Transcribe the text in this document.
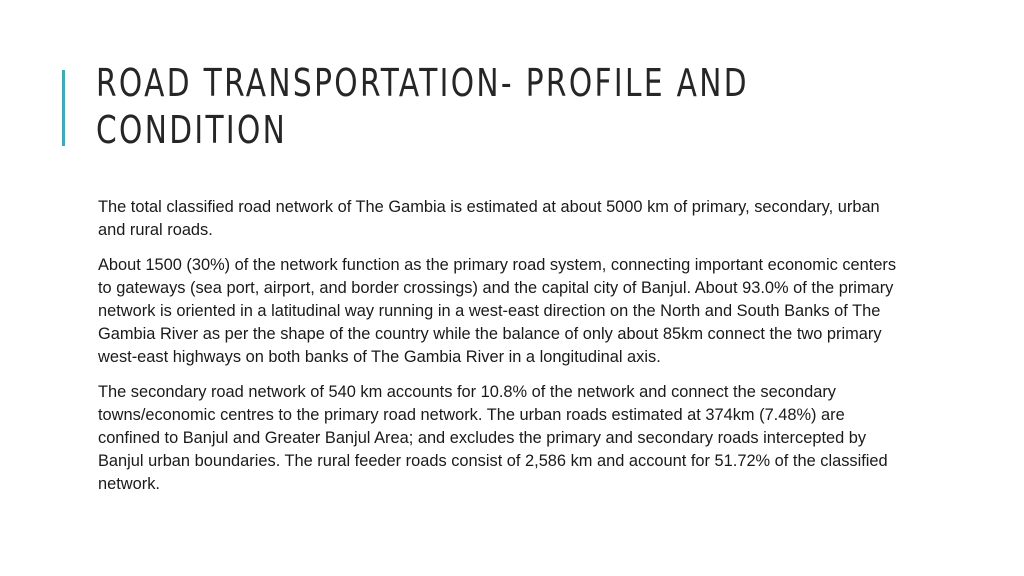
ROAD TRANSPORTATION- PROFILE AND
CONDITION

The total classified road network of The Gambia is estimated at about 5000 km of primary, secondary, urban and rural roads.

About 1500 (30%) of the network function as the primary road system, connecting important economic centers to gateways (sea port, airport, and border crossings) and the capital city of Banjul. About 93.0% of the primary network is oriented in a latitudinal way running in a west-east direction on the North and South Banks of The Gambia River as per the shape of the country while the balance of only about 85km connect the two primary west-east highways on both banks of The Gambia River in a longitudinal axis.

The secondary road network of 540 km accounts for 10.8% of the network and connect the secondary towns/economic centres to the primary road network. The urban roads estimated at 374km (7.48%) are confined to Banjul and Greater Banjul Area; and excludes the primary and secondary roads intercepted by Banjul urban boundaries. The rural feeder roads consist of 2,586 km and account for 51.72% of the classified network.
